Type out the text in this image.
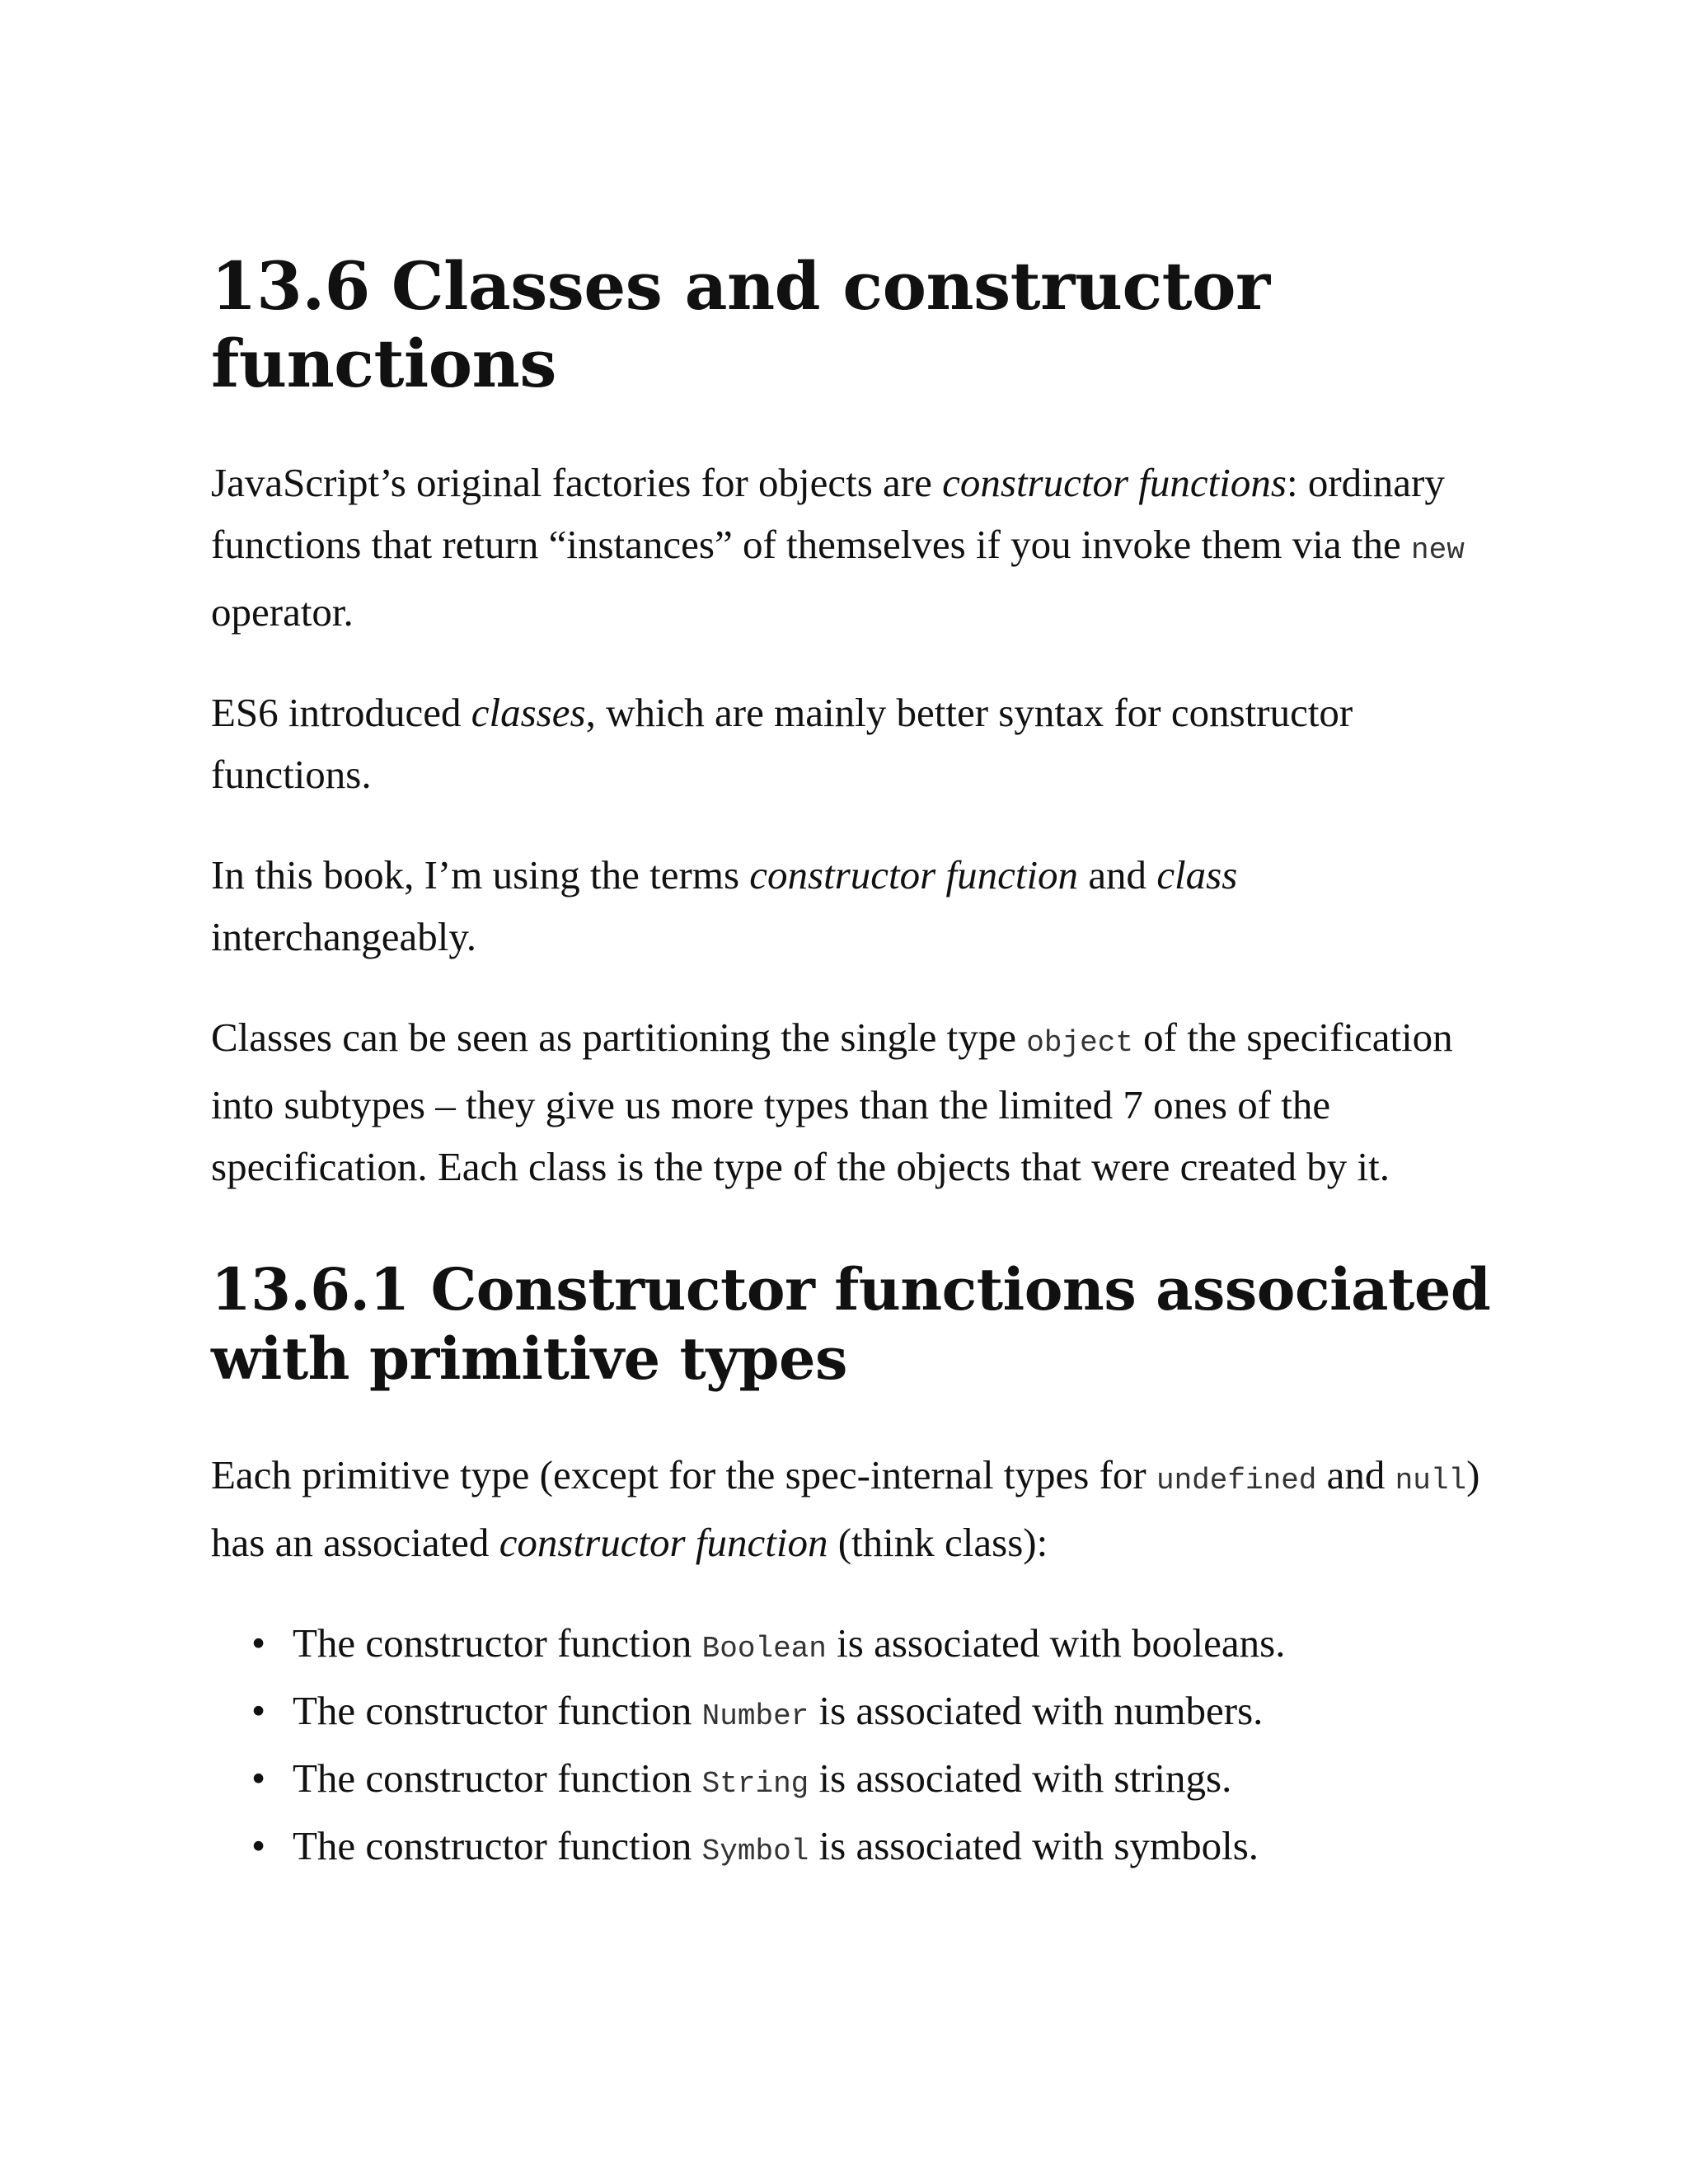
13.6 Classes and constructor functions

JavaScript’s original factories for objects are constructor functions: ordinary functions that return “instances” of themselves if you invoke them via the new operator.

ES6 introduced classes, which are mainly better syntax for constructor functions.

In this book, I’m using the terms constructor function and class interchangeably.

Classes can be seen as partitioning the single type object of the specification into subtypes – they give us more types than the limited 7 ones of the specification. Each class is the type of the objects that were created by it.

13.6.1 Constructor functions associated with primitive types

Each primitive type (except for the spec-internal types for undefined and null) has an associated constructor function (think class):

• The constructor function Boolean is associated with booleans.
• The constructor function Number is associated with numbers.
• The constructor function String is associated with strings.
• The constructor function Symbol is associated with symbols.
